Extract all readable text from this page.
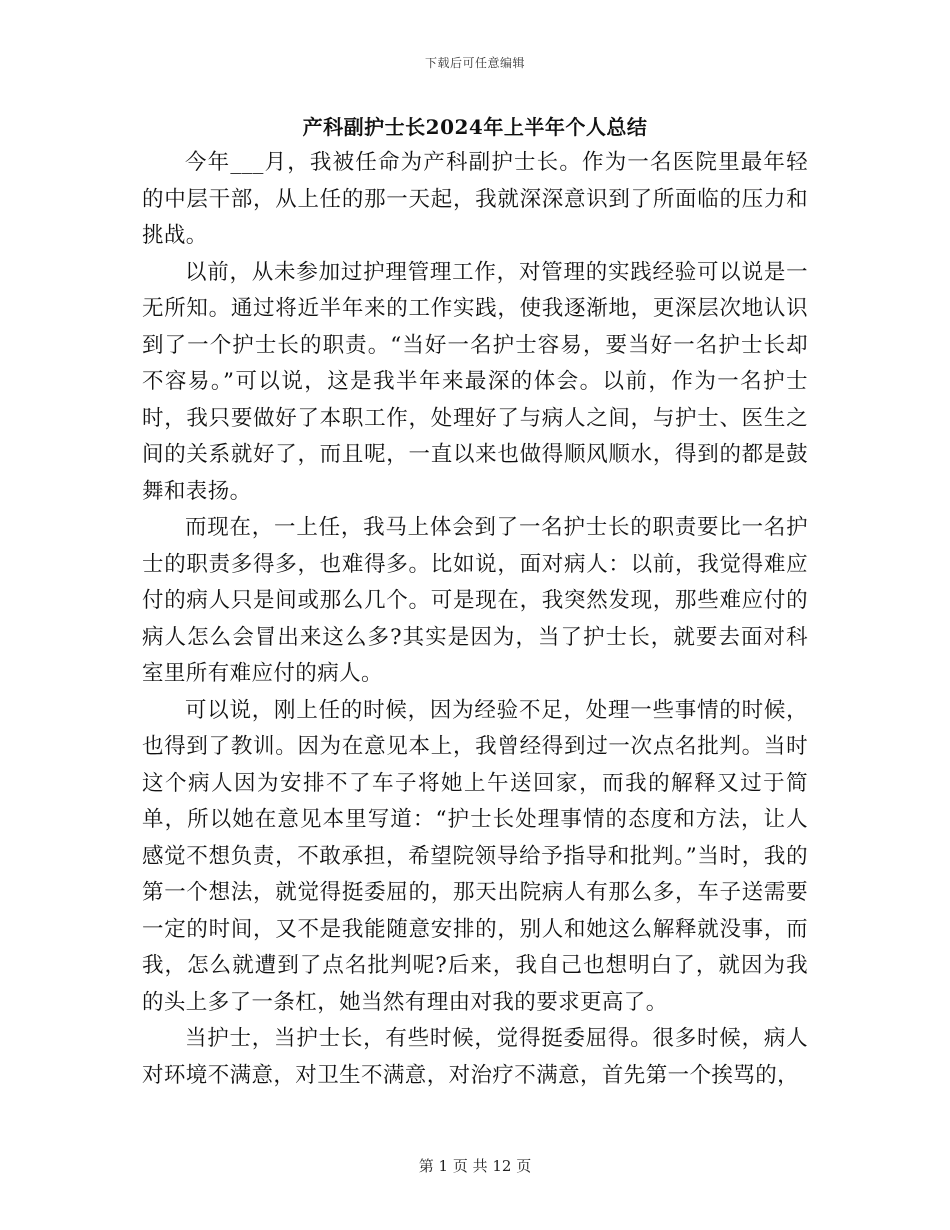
下载后可任意编辑
产科副护士长2024年上半年个人总结

今年___月，我被任命为产科副护士长。作为一名医院里最年轻的中层干部，从上任的那一天起，我就深深意识到了所面临的压力和挑战。

以前，从未参加过护理管理工作，对管理的实践经验可以说是一无所知。通过将近半年来的工作实践，使我逐渐地，更深层次地认识到了一个护士长的职责。“当好一名护士容易，要当好一名护士长却不容易。”可以说，这是我半年来最深的体会。以前，作为一名护士时，我只要做好了本职工作，处理好了与病人之间，与护士、医生之间的关系就好了，而且呢，一直以来也做得顺风顺水，得到的都是鼓舞和表扬。

而现在，一上任，我马上体会到了一名护士长的职责要比一名护士的职责多得多，也难得多。比如说，面对病人：以前，我觉得难应付的病人只是间或那么几个。可是现在，我突然发现，那些难应付的病人怎么会冒出来这么多?其实是因为，当了护士长，就要去面对科室里所有难应付的病人。

可以说，刚上任的时候，因为经验不足，处理一些事情的时候，也得到了教训。因为在意见本上，我曾经得到过一次点名批判。当时这个病人因为安排不了车子将她上午送回家，而我的解释又过于简单，所以她在意见本里写道：“护士长处理事情的态度和方法，让人感觉不想负责，不敢承担，希望院领导给予指导和批判。”当时，我的第一个想法，就觉得挺委屈的，那天出院病人有那么多，车子送需要一定的时间，又不是我能随意安排的，别人和她这么解释就没事，而我，怎么就遭到了点名批判呢?后来，我自己也想明白了，就因为我的头上多了一条杠，她当然有理由对我的要求更高了。

当护士，当护士长，有些时候，觉得挺委屈得。很多时候，病人对环境不满意，对卫生不满意，对治疗不满意，首先第一个挨骂的，

第 1 页 共 12 页
